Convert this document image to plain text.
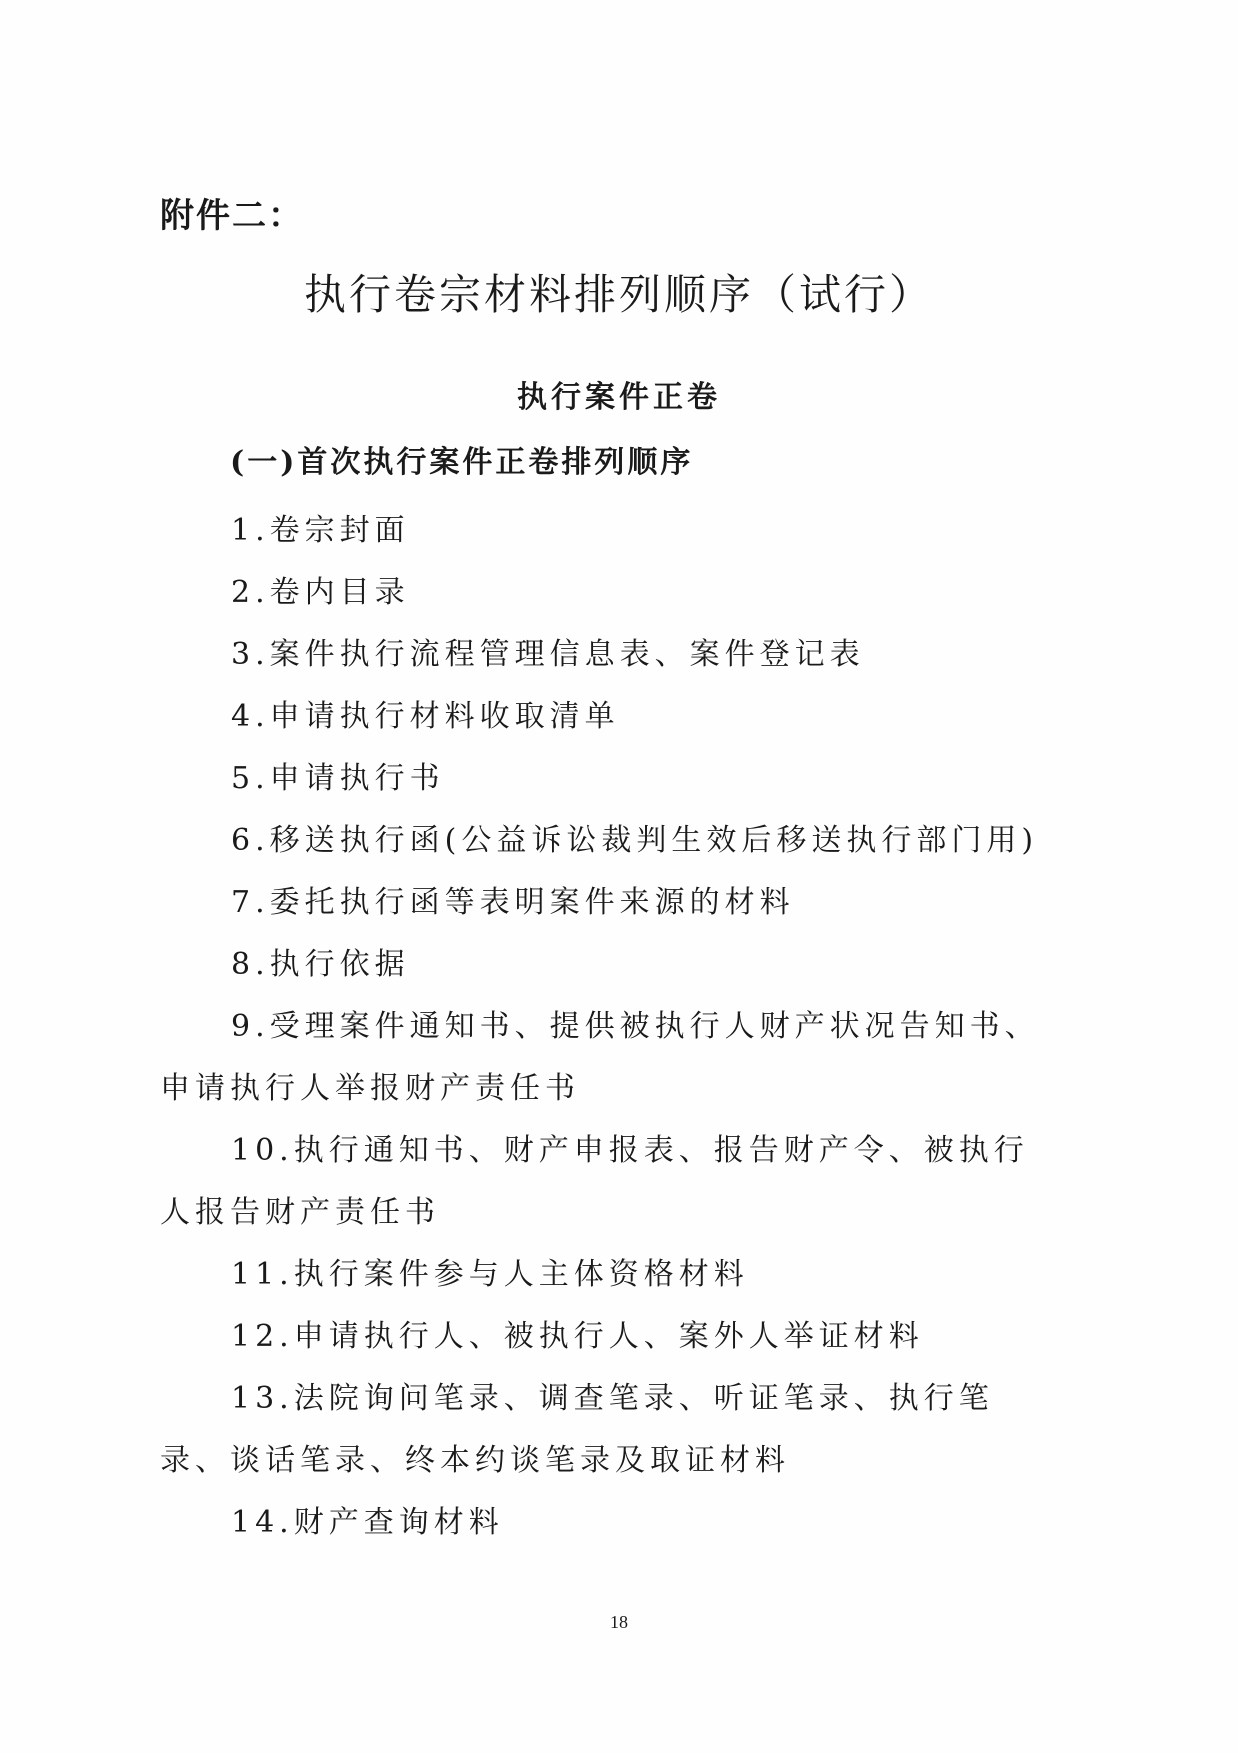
附件二：
执行卷宗材料排列顺序（试行）
执行案件正卷
(一)首次执行案件正卷排列顺序
1.卷宗封面
2.卷内目录
3.案件执行流程管理信息表、案件登记表
4.申请执行材料收取清单
5.申请执行书
6.移送执行函(公益诉讼裁判生效后移送执行部门用)
7.委托执行函等表明案件来源的材料
8.执行依据
9.受理案件通知书、提供被执行人财产状况告知书、申请执行人举报财产责任书
10.执行通知书、财产申报表、报告财产令、被执行人报告财产责任书
11.执行案件参与人主体资格材料
12.申请执行人、被执行人、案外人举证材料
13.法院询问笔录、调查笔录、听证笔录、执行笔录、谈话笔录、终本约谈笔录及取证材料
14.财产查询材料
18
